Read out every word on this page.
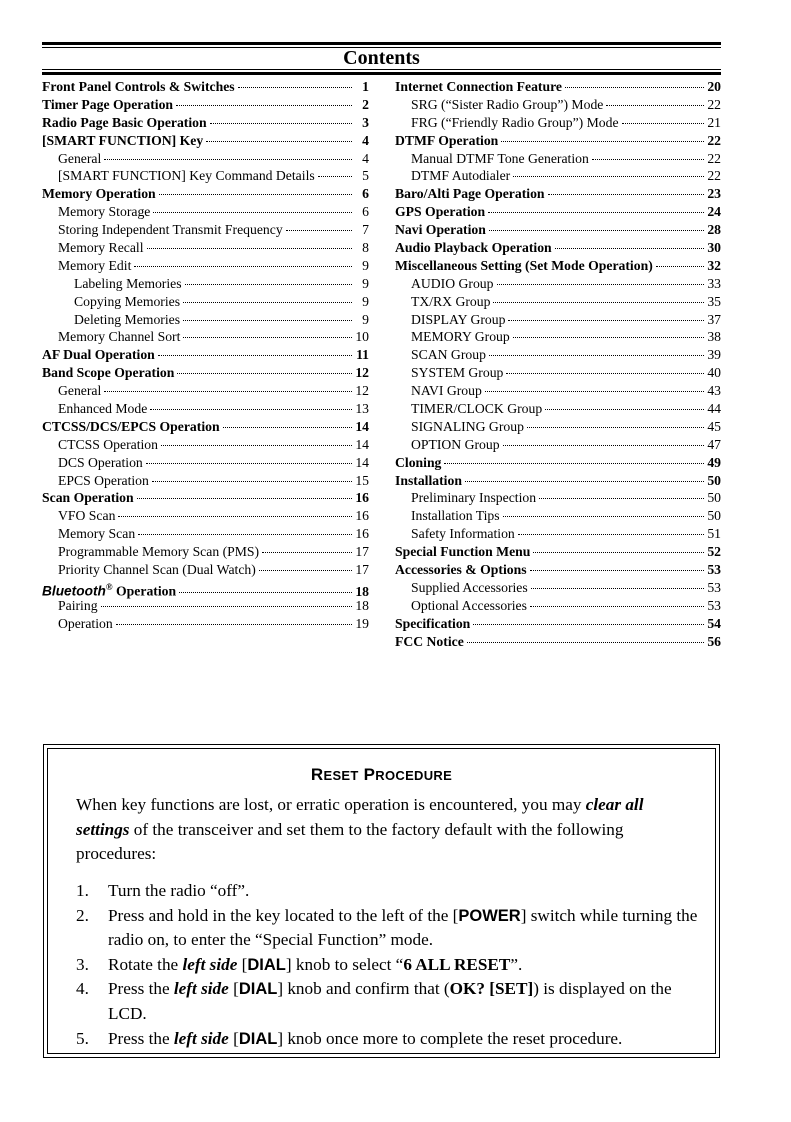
Contents
Front Panel Controls & Switches	1
Timer Page Operation	2
Radio Page Basic Operation	3
[SMART FUNCTION] Key	4
General	4
[SMART FUNCTION] Key Command Details	5
Memory Operation	6
Memory Storage	6
Storing Independent Transmit Frequency	7
Memory Recall	8
Memory Edit	9
Labeling Memories	9
Copying Memories	9
Deleting Memories	9
Memory Channel Sort	10
AF Dual Operation	11
Band Scope Operation	12
General	12
Enhanced Mode	13
CTCSS/DCS/EPCS Operation	14
CTCSS Operation	14
DCS Operation	14
EPCS Operation	15
Scan Operation	16
VFO Scan	16
Memory Scan	16
Programmable Memory Scan (PMS)	17
Priority Channel Scan (Dual Watch)	17
Bluetooth® Operation	18
Pairing	18
Operation	19
Internet Connection Feature	20
SRG (“Sister Radio Group”) Mode	22
FRG (“Friendly Radio Group”) Mode	21
DTMF Operation	22
Manual DTMF Tone Generation	22
DTMF Autodialer	22
Baro/Alti Page Operation	23
GPS Operation	24
Navi Operation	28
Audio Playback Operation	30
Miscellaneous Setting (Set Mode Operation)	32
AUDIO Group	33
TX/RX Group	35
DISPLAY Group	37
MEMORY Group	38
SCAN Group	39
SYSTEM Group	40
NAVI Group	43
TIMER/CLOCK Group	44
SIGNALING Group	45
OPTION Group	47
Cloning	49
Installation	50
Preliminary Inspection	50
Installation Tips	50
Safety Information	51
Special Function Menu	52
Accessories & Options	53
Supplied Accessories	53
Optional Accessories	53
Specification	54
FCC Notice	56
RESET PROCEDURE
When key functions are lost, or erratic operation is encountered, you may clear all settings of the transceiver and set them to the factory default with the following procedures:
1.	Turn the radio “off”.
2.	Press and hold in the key located to the left of the [POWER] switch while turning the radio on, to enter the “Special Function” mode.
3.	Rotate the left side [DIAL] knob to select “6 ALL RESET”.
4.	Press the left side [DIAL] knob and confirm that (OK? [SET]) is displayed on the LCD.
5.	Press the left side [DIAL] knob once more to complete the reset procedure.
